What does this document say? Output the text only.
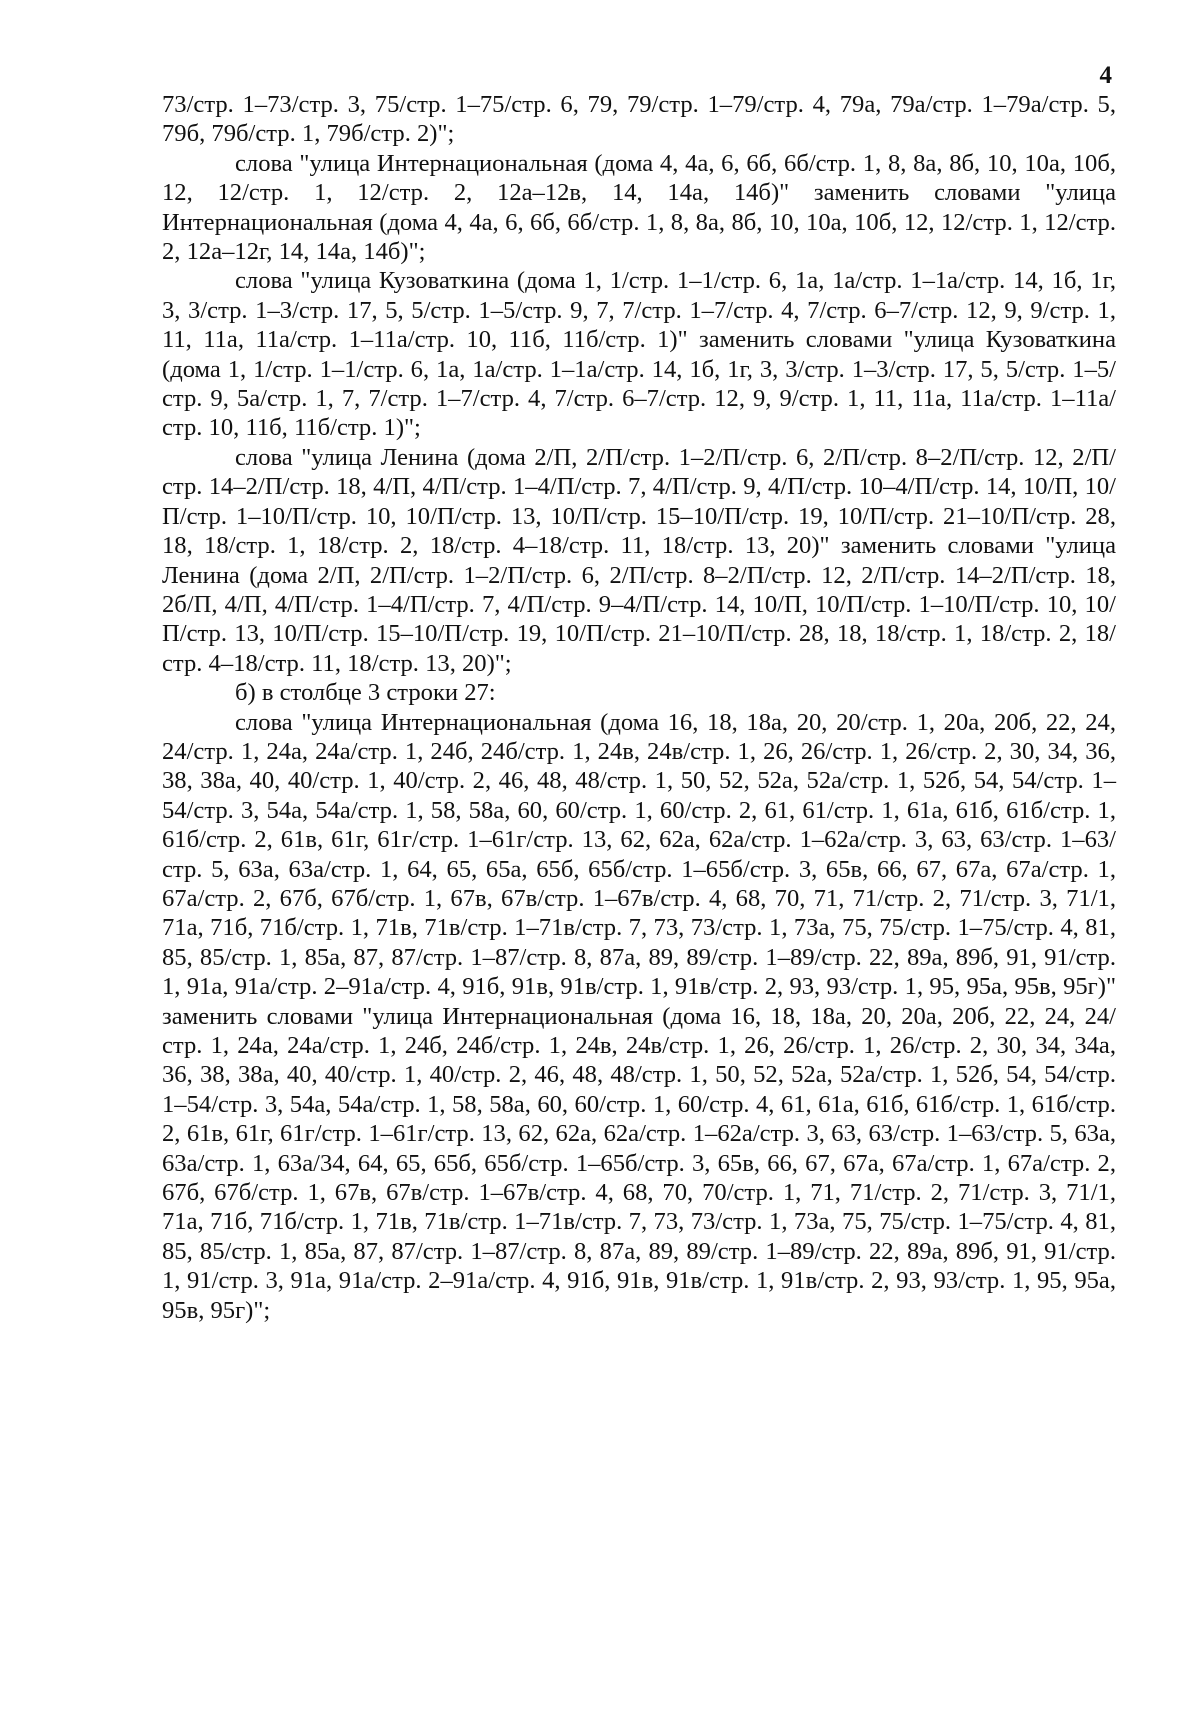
4

73/стр. 1–73/стр. 3, 75/стр. 1–75/стр. 6, 79, 79/стр. 1–79/стр. 4, 79а, 79а/стр. 1–79а/стр. 5, 79б, 79б/стр. 1, 79б/стр. 2)";

слова "улица Интернациональная (дома 4, 4а, 6, 6б, 6б/стр. 1, 8, 8а, 8б, 10, 10а, 10б, 12, 12/стр. 1, 12/стр. 2, 12а–12в, 14, 14а, 14б)" заменить словами "улица Интернациональная (дома 4, 4а, 6, 6б, 6б/стр. 1, 8, 8а, 8б, 10, 10а, 10б, 12, 12/стр. 1, 12/стр. 2, 12а–12г, 14, 14а, 14б)";

слова "улица Кузоваткина (дома 1, 1/стр. 1–1/стр. 6, 1а, 1а/стр. 1–1а/стр. 14, 1б, 1г, 3, 3/стр. 1–3/стр. 17, 5, 5/стр. 1–5/стр. 9, 7, 7/стр. 1–7/стр. 4, 7/стр. 6–7/стр. 12, 9, 9/стр. 1, 11, 11а, 11а/стр. 1–11а/стр. 10, 11б, 11б/стр. 1)" заменить словами "улица Кузоваткина (дома 1, 1/стр. 1–1/стр. 6, 1а, 1а/стр. 1–1а/стр. 14, 1б, 1г, 3, 3/стр. 1–3/стр. 17, 5, 5/стр. 1–5/стр. 9, 5а/стр. 1, 7, 7/стр. 1–7/стр. 4, 7/стр. 6–7/стр. 12, 9, 9/стр. 1, 11, 11а, 11а/стр. 1–11а/стр. 10, 11б, 11б/стр. 1)";

слова "улица Ленина (дома 2/П, 2/П/стр. 1–2/П/стр. 6, 2/П/стр. 8–2/П/стр. 12, 2/П/стр. 14–2/П/стр. 18, 4/П, 4/П/стр. 1–4/П/стр. 7, 4/П/стр. 9, 4/П/стр. 10–4/П/стр. 14, 10/П, 10/П/стр. 1–10/П/стр. 10, 10/П/стр. 13, 10/П/стр. 15–10/П/стр. 19, 10/П/стр. 21–10/П/стр. 28, 18, 18/стр. 1, 18/стр. 2, 18/стр. 4–18/стр. 11, 18/стр. 13, 20)" заменить словами "улица Ленина (дома 2/П, 2/П/стр. 1–2/П/стр. 6, 2/П/стр. 8–2/П/стр. 12, 2/П/стр. 14–2/П/стр. 18, 2б/П, 4/П, 4/П/стр. 1–4/П/стр. 7, 4/П/стр. 9–4/П/стр. 14, 10/П, 10/П/стр. 1–10/П/стр. 10, 10/П/стр. 13, 10/П/стр. 15–10/П/стр. 19, 10/П/стр. 21–10/П/стр. 28, 18, 18/стр. 1, 18/стр. 2, 18/стр. 4–18/стр. 11, 18/стр. 13, 20)";

б) в столбце 3 строки 27:

слова "улица Интернациональная (дома 16, 18, 18а, 20, 20/стр. 1, 20а, 20б, 22, 24, 24/стр. 1, 24а, 24а/стр. 1, 24б, 24б/стр. 1, 24в, 24в/стр. 1, 26, 26/стр. 1, 26/стр. 2, 30, 34, 36, 38, 38а, 40, 40/стр. 1, 40/стр. 2, 46, 48, 48/стр. 1, 50, 52, 52а, 52а/стр. 1, 52б, 54, 54/стр. 1–54/стр. 3, 54а, 54а/стр. 1, 58, 58а, 60, 60/стр. 1, 60/стр. 2, 61, 61/стр. 1, 61а, 61б, 61б/стр. 1, 61б/стр. 2, 61в, 61г, 61г/стр. 1–61г/стр. 13, 62, 62а, 62а/стр. 1–62а/стр. 3, 63, 63/стр. 1–63/стр. 5, 63а, 63а/стр. 1, 64, 65, 65а, 65б, 65б/стр. 1–65б/стр. 3, 65в, 66, 67, 67а, 67а/стр. 1, 67а/стр. 2, 67б, 67б/стр. 1, 67в, 67в/стр. 1–67в/стр. 4, 68, 70, 71, 71/стр. 2, 71/стр. 3, 71/1, 71а, 71б, 71б/стр. 1, 71в, 71в/стр. 1–71в/стр. 7, 73, 73/стр. 1, 73а, 75, 75/стр. 1–75/стр. 4, 81, 85, 85/стр. 1, 85а, 87, 87/стр. 1–87/стр. 8, 87а, 89, 89/стр. 1–89/стр. 22, 89а, 89б, 91, 91/стр. 1, 91а, 91а/стр. 2–91а/стр. 4, 91б, 91в, 91в/стр. 1, 91в/стр. 2, 93, 93/стр. 1, 95, 95а, 95в, 95г)" заменить словами "улица Интернациональная (дома 16, 18, 18а, 20, 20а, 20б, 22, 24, 24/стр. 1, 24а, 24а/стр. 1, 24б, 24б/стр. 1, 24в, 24в/стр. 1, 26, 26/стр. 1, 26/стр. 2, 30, 34, 34а, 36, 38, 38а, 40, 40/стр. 1, 40/стр. 2, 46, 48, 48/стр. 1, 50, 52, 52а, 52а/стр. 1, 52б, 54, 54/стр. 1–54/стр. 3, 54а, 54а/стр. 1, 58, 58а, 60, 60/стр. 1, 60/стр. 4, 61, 61а, 61б, 61б/стр. 1, 61б/стр. 2, 61в, 61г, 61г/стр. 1–61г/стр. 13, 62, 62а, 62а/стр. 1–62а/стр. 3, 63, 63/стр. 1–63/стр. 5, 63а, 63а/стр. 1, 63а/34, 64, 65, 65б, 65б/стр. 1–65б/стр. 3, 65в, 66, 67, 67а, 67а/стр. 1, 67а/стр. 2, 67б, 67б/стр. 1, 67в, 67в/стр. 1–67в/стр. 4, 68, 70, 70/стр. 1, 71, 71/стр. 2, 71/стр. 3, 71/1, 71а, 71б, 71б/стр. 1, 71в, 71в/стр. 1–71в/стр. 7, 73, 73/стр. 1, 73а, 75, 75/стр. 1–75/стр. 4, 81, 85, 85/стр. 1, 85а, 87, 87/стр. 1–87/стр. 8, 87а, 89, 89/стр. 1–89/стр. 22, 89а, 89б, 91, 91/стр. 1, 91/стр. 3, 91а, 91а/стр. 2–91а/стр. 4, 91б, 91в, 91в/стр. 1, 91в/стр. 2, 93, 93/стр. 1, 95, 95а, 95в, 95г)";
